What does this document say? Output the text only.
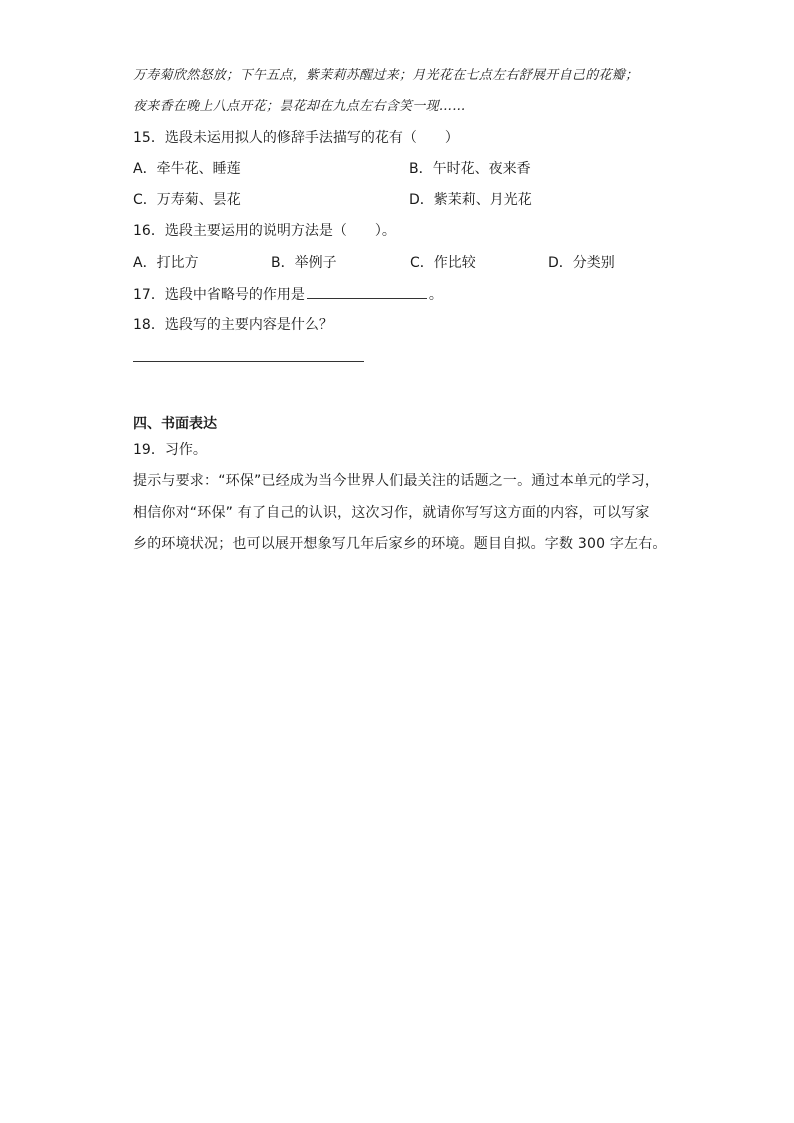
万寿菊欣然怒放；下午五点，紫茉莉苏醒过来；月光花在七点左右舒展开自己的花瓣；
夜来香在晚上八点开花；昙花却在九点左右含笑一现……
15．选段未运用拟人的修辞手法描写的花有（　　）
A．牵牛花、睡莲	B．午时花、夜来香
C．万寿菊、昙花	D．紫茉莉、月光花
16．选段主要运用的说明方法是（　　）。
A．打比方	B．举例子	C．作比较	D．分类别
17．选段中省略号的作用是	。
18．选段写的主要内容是什么？
四、书面表达
19．习作。
提示与要求：“环保”已经成为当今世界人们最关注的话题之一。通过本单元的学习，
相信你对“环保” 有了自己的认识，这次习作，就请你写写这方面的内容，可以写家
乡的环境状况；也可以展开想象写几年后家乡的环境。题目自拟。字数 300 字左右。
